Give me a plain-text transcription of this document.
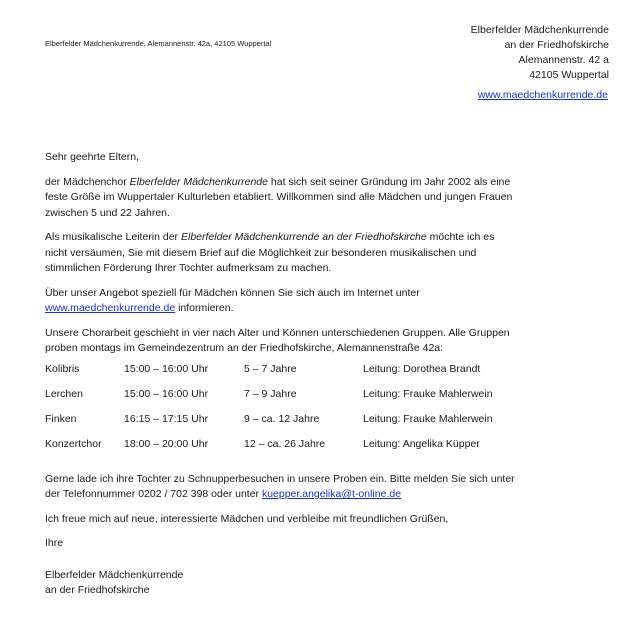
Elberfelder Mädchenkurrende, Alemannenstr. 42a, 42105 Wuppertal
Elberfelder Mädchenkurrende
an der Friedhofskirche
Alemannenstr. 42 a
42105 Wuppertal
www.maedchenkurrende.de

Sehr geehrte Eltern,

der Mädchenchor Elberfelder Mädchenkurrende hat sich seit seiner Gründung im Jahr 2002 als eine feste Größe im Wuppertaler Kulturleben etabliert. Willkommen sind alle Mädchen und jungen Frauen zwischen 5 und 22 Jahren.

Als musikalische Leiterin der Elberfelder Mädchenkurrende an der Friedhofskirche möchte ich es nicht versäumen, Sie mit diesem Brief auf die Möglichkeit zur besonderen musikalischen und stimmlichen Förderung Ihrer Tochter aufmerksam zu machen.

Über unser Angebot speziell für Mädchen können Sie sich auch im Internet unter www.maedchenkurrende.de informieren.

Unsere Chorarbeit geschieht in vier nach Alter und Können unterschiedenen Gruppen. Alle Gruppen proben montags im Gemeindezentrum an der Friedhofskirche, Alemannenstraße 42a:

Kolibris	15:00 – 16:00 Uhr	5 – 7 Jahre	Leitung: Dorothea Brandt
Lerchen	15:00 – 16:00 Uhr	7 – 9 Jahre	Leitung: Frauke Mahlerwein
Finken	16:15 – 17:15 Uhr	9 – ca. 12 Jahre	Leitung: Frauke Mahlerwein
Konzertchor 18:00 – 20:00 Uhr	12 – ca. 26 Jahre	Leitung: Angelika Küpper

Gerne lade ich ihre Tochter zu Schnupperbesuchen in unsere Proben ein. Bitte melden Sie sich unter der Telefonnummer 0202 / 702 398 oder unter kuepper.angelika@t-online.de

Ich freue mich auf neue, interessierte Mädchen und verbleibe mit freundlichen Grüßen,

Ihre

Elberfelder Mädchenkurrende
an der Friedhofskirche
